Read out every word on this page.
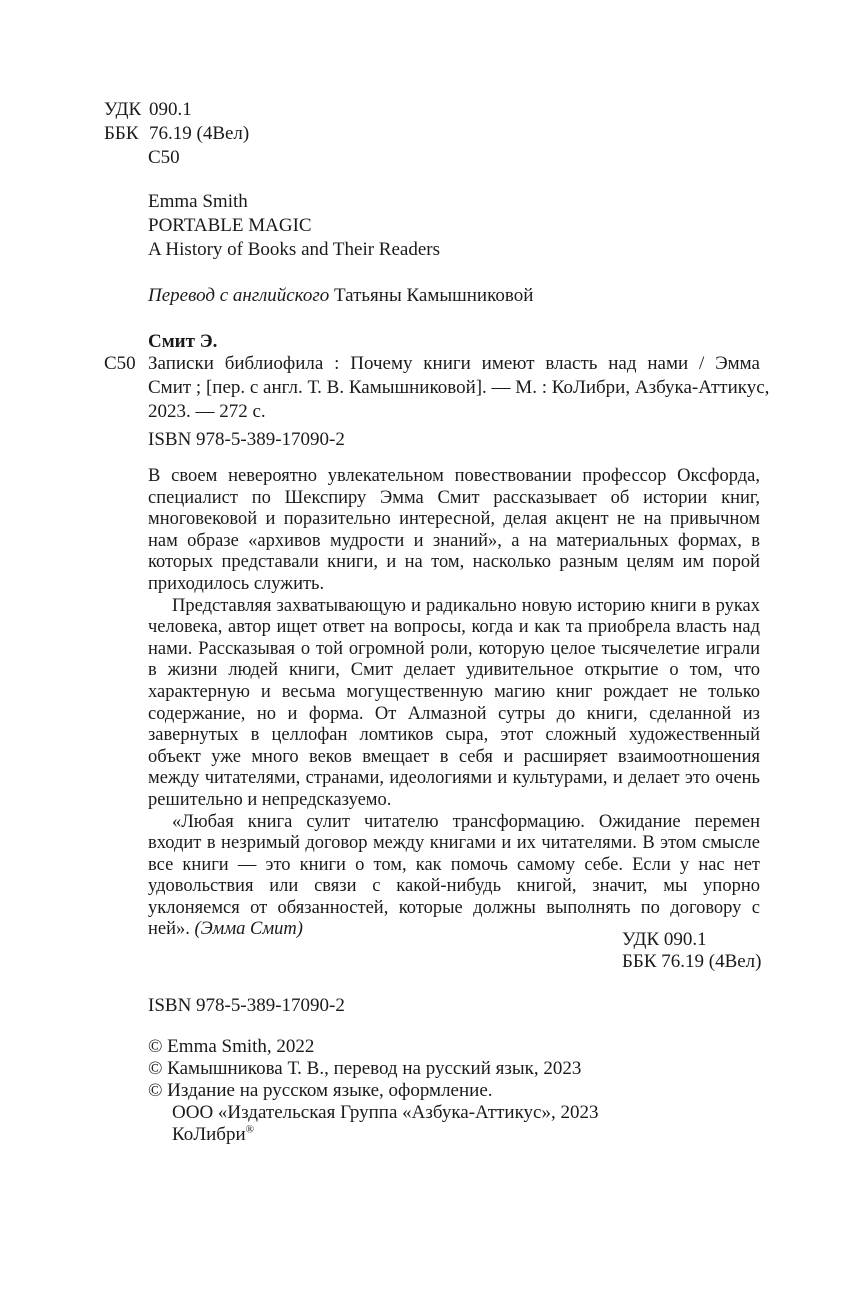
УДК 090.1
ББК 76.19 (4Вел)
С50
Emma Smith
PORTABLE MAGIC
A History of Books and Their Readers
Перевод с английского Татьяны Камышниковой
Смит Э.
С50 Записки библиофила : Почему книги имеют власть над нами / Эмма
Смит ; [пер. с англ. Т. В. Камышниковой]. — М. : КоЛибри, Азбука-Аттикус,
2023. — 272 с.
ISBN 978-5-389-17090-2

В своем невероятно увлекательном повествовании профессор Оксфорда, специалист по Шекспиру Эмма Смит рассказывает об истории книг, многовековой и поразительно интересной, делая акцент не на привычном нам образе «архивов мудрости и знаний», а на материальных формах, в которых представали книги, и на том, насколько разным целям им порой приходилось служить.

Представляя захватывающую и радикально новую историю книги в руках человека, автор ищет ответ на вопросы, когда и как та приобрела власть над нами. Рассказывая о той огромной роли, которую целое тысячелетие играли в жизни людей книги, Смит делает удивительное открытие о том, что характерную и весьма могущественную магию книг рождает не только содержание, но и форма. От Алмазной сутры до книги, сделанной из завернутых в целлофан ломтиков сыра, этот сложный художественный объект уже много веков вмещает в себя и расширяет взаимоотношения между читателями, странами, идеологиями и культурами, и делает это очень решительно и непредсказуемо.

«Любая книга сулит читателю трансформацию. Ожидание перемен входит в незримый договор между книгами и их читателями. В этом смысле все книги — это книги о том, как помочь самому себе. Если у нас нет удовольствия или связи с какой-нибудь книгой, значит, мы упорно уклоняемся от обязанностей, которые должны выполнять по договору с ней». (Эмма Смит)	УДК 090.1
ББК 76.19 (4Вел)
ISBN 978-5-389-17090-2
© Emma Smith, 2022
© Камышникова Т. В., перевод на русский язык, 2023
© Издание на русском языке, оформление.
ООО «Издательская Группа «Азбука-Аттикус», 2023
КоЛибри®
